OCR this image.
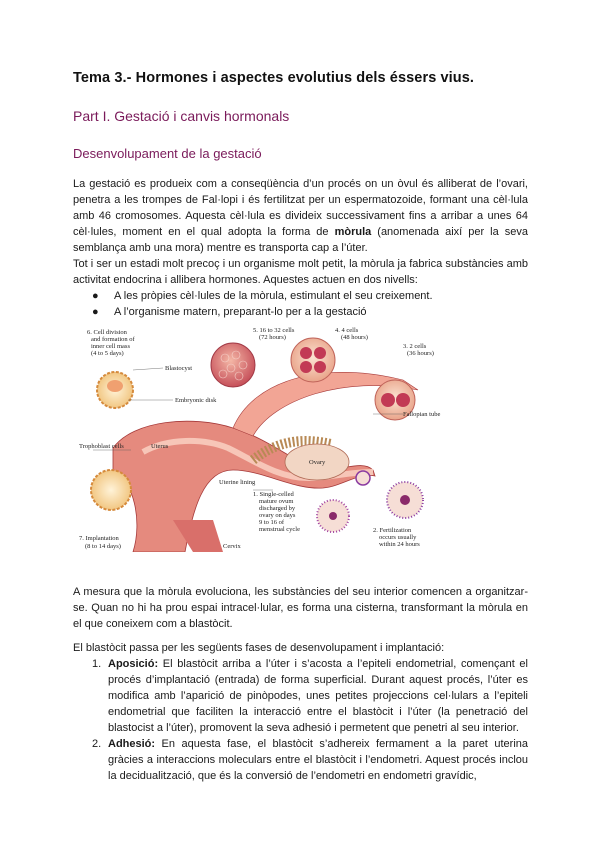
Tema 3.- Hormones i aspectes evolutius dels éssers vius.
Part I. Gestació i canvis hormonals
Desenvolupament de la gestació
La gestació es produeix com a conseqüència d’un procés on un òvul és alliberat de l’ovari, penetra a les trompes de Fal·lopi i és fertilitzat per un espermatozoide, formant una cèl·lula amb 46 cromosomes. Aquesta cèl·lula es divideix successivament fins a arribar a unes 64 cèl·lules, moment en el qual adopta la forma de mòrula (anomenada així per la seva semblança amb una mora) mentre es transporta cap a l’úter.
Tot i ser un estadi molt precoç i un organisme molt petit, la mòrula ja fabrica substàncies amb activitat endocrina i allibera hormones. Aquestes actuen en dos nivells:
● A les pròpies cèl·lules de la mòrula, estimulant el seu creixement.
● A l’organisme matern, preparant-lo per a la gestació
6. Cell division
and formation of
inner cell mass
(4 to 5 days)
Blastocyst
Embryonic disk
Trophoblast cells	Uterus
5. 16 to 32 cells
(72 hours)
4. 4 cells
(48 hours)
3. 2 cells
(36 hours)
Fallopian tube
Ovary
Uterine lining
1. Single-celled
mature ovum
discharged by
ovary on days
9 to 16 of
menstrual cycle	2. Fertilization
occurs usually
within 24 hours
7. Implantation
(8 to 14 days)	Cervix
A mesura que la mòrula evoluciona, les substàncies del seu interior comencen a organitzar-se. Quan no hi ha prou espai intracel·lular, es forma una cisterna, transformant la mòrula en el que coneixem com a blastòcit.
El blastòcit passa per les següents fases de desenvolupament i implantació:
1. Aposició: El blastòcit arriba a l’úter i s’acosta a l’epiteli endometrial, començant el procés d’implantació (entrada) de forma superficial. Durant aquest procés, l’úter es modifica amb l’aparició de pinòpodes, unes petites projeccions cel·lulars a l’epiteli endometrial que faciliten la interacció entre el blastòcit i l’úter (la penetració del blastocist a l’úter), promovent la seva adhesió i permetent que penetri al seu interior.
2. Adhesió: En aquesta fase, el blastòcit s’adhereix fermament a la paret uterina gràcies a interaccions moleculars entre el blastòcit i l’endometri. Aquest procés inclou la decidualització, que és la conversió de l’endometri en endometri gravídic,
